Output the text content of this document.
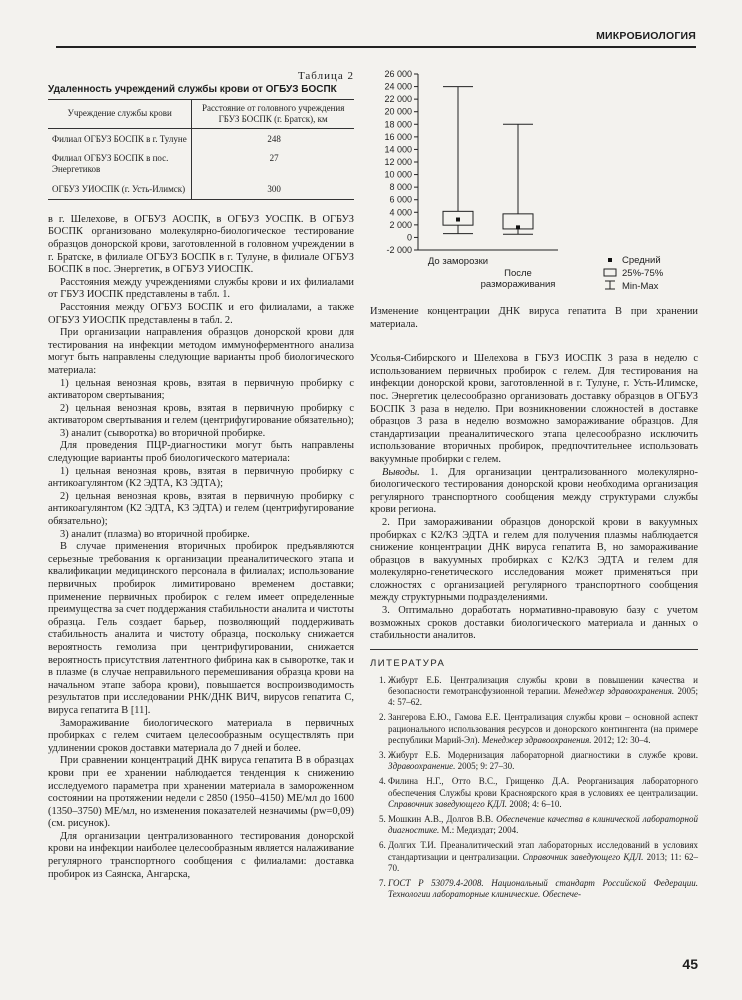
МИКРОБИОЛОГИЯ
Таблица 2
Удаленность учреждений службы крови от ОГБУЗ БОСПК
Учреждение службы крови	Расстояние от головного учреждения ГБУЗ БОСПК (г. Братск), км
Филиал ОГБУЗ БОСПК в г. Тулуне	248
Филиал ОГБУЗ БОСПК в пос. Энергетиков	27
ОГБУЗ УИОСПК (г. Усть-Илимск)	300

в г. Шелехове, в ОГБУЗ АОСПК, в ОГБУЗ УОСПК. В ОГБУЗ БОСПК организовано молекулярно-биологическое тестирование образцов донорской крови, заготовленной в головном учреждении в г. Братске, в филиале ОГБУЗ БОСПК в г. Тулуне, в филиале ОГБУЗ БОСПК в пос. Энергетик, в ОГБУЗ УИОСПК.

Расстояния между учреждениями службы крови и их филиалами от ГБУЗ ИОСПК представлены в табл. 1.

Расстояния между ОГБУЗ БОСПК и его филиалами, а также ОГБУЗ УИОСПК представлены в табл. 2.

При организации направления образцов донорской крови для тестирования на инфекции методом иммуноферментного анализа могут быть направлены следующие варианты проб биологического материала:

1) цельная венозная кровь, взятая в первичную пробирку с активатором свертывания;

2) цельная венозная кровь, взятая в первичную пробирку с активатором свертывания и гелем (центрифугирование обязательно);

3) аналит (сыворотка) во вторичной пробирке.

Для проведения ПЦР-диагностики могут быть направлены следующие варианты проб биологического материала:

1) цельная венозная кровь, взятая в первичную пробирку с антикоагулянтом (К2 ЭДТА, К3 ЭДТА);

2) цельная венозная кровь, взятая в первичную пробирку с антикоагулянтом (К2 ЭДТА, К3 ЭДТА) и гелем (центрифугирование обязательно);

3) аналит (плазма) во вторичной пробирке.

В случае применения вторичных пробирок предъявляются серьезные требования к организации преаналитического этапа и квалификации медицинского персонала в филиалах; использование первичных пробирок лимитировано временем доставки; применение первичных пробирок с гелем имеет определенные преимущества за счет поддержания стабильности аналита и чистоты образца. Гель создает барьер, позволяющий поддерживать стабильность аналита и чистоту образца, поскольку снижается вероятность гемолиза при центрифугировании, снижается вероятность присутствия латентного фибрина как в сыворотке, так и в плазме (в случае неправильного перемешивания образца крови на начальном этапе забора крови), повышается воспроизводимость результатов при исследовании РНК/ДНК ВИЧ, вирусов гепатита С, вируса гепатита В [11].

Замораживание биологического материала в первичных пробирках с гелем считаем целесообразным осуществлять при удлинении сроков доставки материала до 7 дней и более.

При сравнении концентраций ДНК вируса гепатита В в образцах крови при ее хранении наблюдается тенденция к снижению исследуемого параметра при хранении материала в замороженном состоянии на протяжении недели с 2850 (1950–4150) МЕ/мл до 1600 (1350–3750) МЕ/мл, но изменения показателей незначимы (pw=0,09) (см. рисунок).

Для организации централизованного тестирования донорской крови на инфекции наиболее целесообразным является налаживание регулярного транспортного сообщения с филиалами: доставка пробирок из Саянска, Ангарска,

-2 000
0
2 000
4 000
6 000
8 000
10 000
12 000
14 000
16 000
18 000
20 000
22 000
24 000
26 000
До заморозки
После
размораживания
Средний
25%-75%
Min-Max

Изменение концентрации ДНК вируса гепатита В при хранении материала.

Усолья-Сибирского и Шелехова в ГБУЗ ИОСПК 3 раза в неделю с использованием первичных пробирок с гелем. Для тестирования на инфекции донорской крови, заготовленной в г. Тулуне, г. Усть-Илимске, пос. Энергетик целесообразно организовать доставку образцов в ОГБУЗ БОСПК 3 раза в неделю. При возникновении сложностей в доставке образцов 3 раза в неделю возможно замораживание образцов. Для стандартизации преаналитического этапа целесообразно исключить использование вторичных пробирок, предпочтительнее использовать вакуумные пробирки с гелем.

Выводы. 1. Для организации централизованного молекулярно-биологического тестирования донорской крови необходима организация регулярного транспортного сообщения между структурами службы крови региона.

2. При замораживании образцов донорской крови в вакуумных пробирках с К2/К3 ЭДТА и гелем для получения плазмы наблюдается снижение концентрации ДНК вируса гепатита В, но замораживание образцов в вакуумных пробирках с К2/К3 ЭДТА и гелем для молекулярно-генетического исследования может применяться при сложностях с организацией регулярного транспортного сообщения между структурными подразделениями.

3. Оптимально доработать нормативно-правовую базу с учетом возможных сроков доставки биологического материала и данных о стабильности аналитов.

ЛИТЕРАТУРА
1. Жибурт Е.Б. Централизация службы крови в повышении качества и безопасности гемотрансфузионной терапии. Менеджер здравоохранения. 2005; 4: 57–62.
2. Зангерова Е.Ю., Гамова Е.Е. Централизация службы крови – основной аспект рационального использования ресурсов и донорского контингента (на примере республики Марий-Эл). Менеджер здравоохранения. 2012; 12: 30–4.
3. Жибурт Е.Б. Модернизация лабораторной диагностики в службе крови. Здравоохранение. 2005; 9: 27–30.
4. Филина Н.Г., Отто В.С., Грищенко Д.А. Реорганизация лабораторного обеспечения Службы крови Красноярского края в условиях ее централизации. Справочник заведующего КДЛ. 2008; 4: 6–10.
5. Мошкин А.В., Долгов В.В. Обеспечение качества в клинической лабораторной диагностике. М.: Медиздат; 2004.
6. Долгих Т.И. Преаналитический этап лабораторных исследований в условиях стандартизации и централизации. Справочник заведующего КДЛ. 2013; 11: 62–70.
7. ГОСТ Р 53079.4-2008. Национальный стандарт Российской Федерации. Технологии лабораторные клинические. Обеспече-
45
